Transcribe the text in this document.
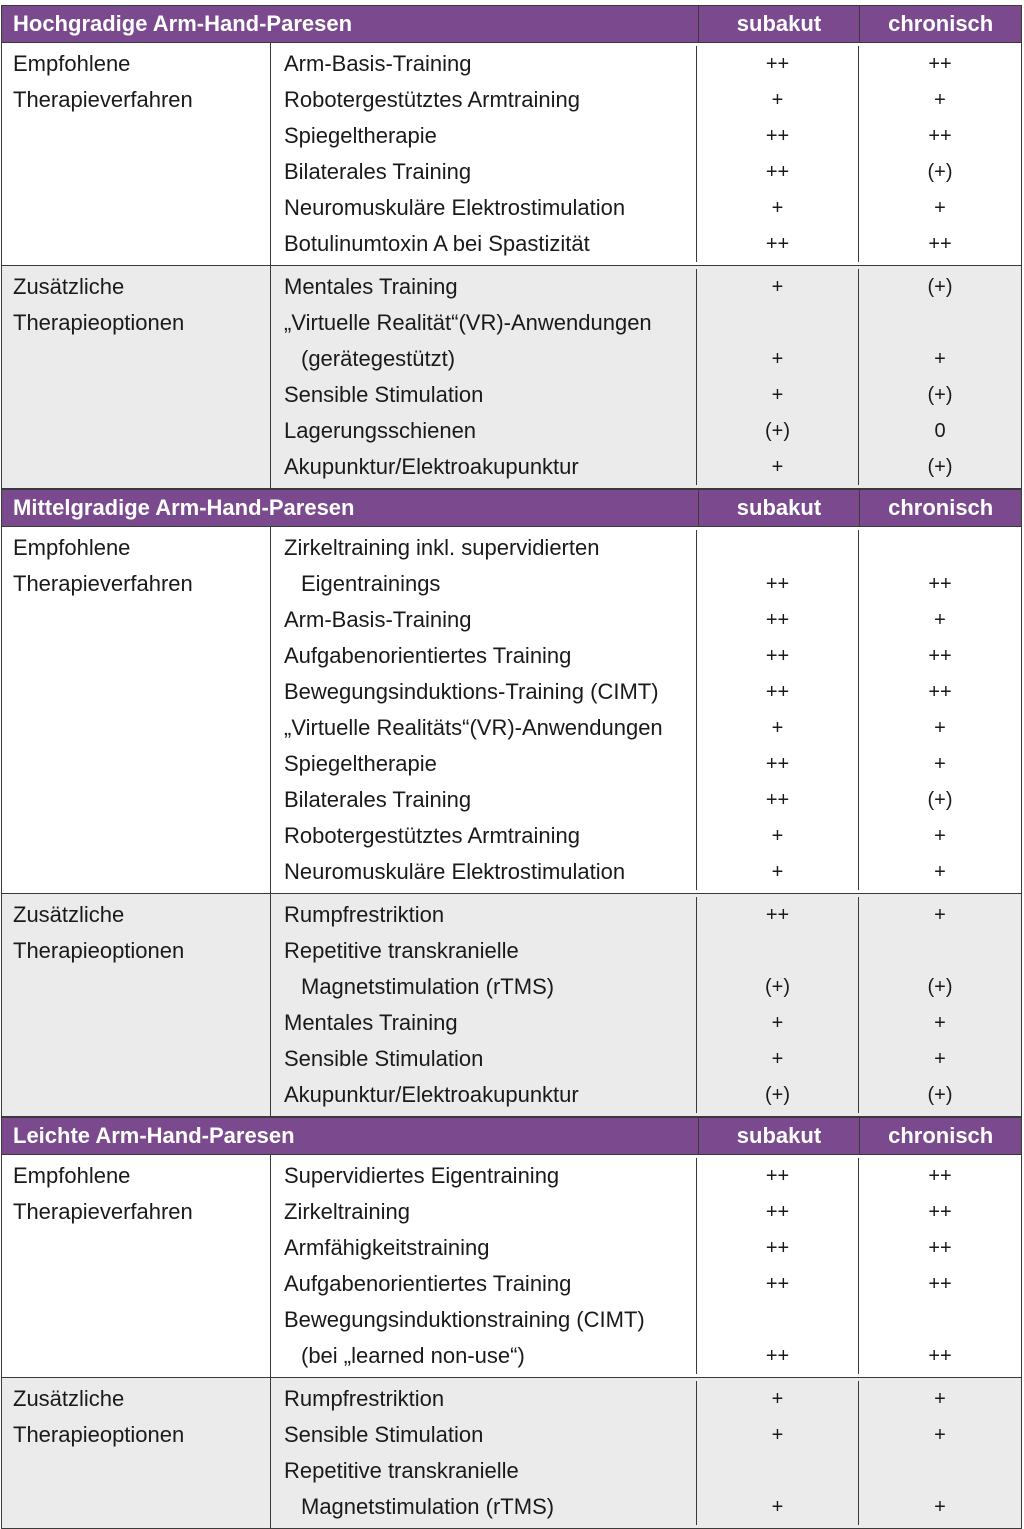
Hochgradige Arm-Hand-Paresen	subakut	chronisch
Empfohlene
Therapieverfahren
Arm-Basis-Training	++	++
Robotergestütztes Armtraining	+	+
Spiegeltherapie	++	++
Bilaterales Training	++	(+)
Neuromuskuläre Elektrostimulation	+	+
Botulinumtoxin A bei Spastizität	++	++
Zusätzliche
Therapieoptionen
Mentales Training	+	(+)
„Virtuelle Realität“(VR)-Anwendungen
(gerätegestützt)	+	+
Sensible Stimulation	+	(+)
Lagerungsschienen	(+)	0
Akupunktur/Elektroakupunktur	+	(+)
Mittelgradige Arm-Hand-Paresen	subakut	chronisch
Empfohlene
Therapieverfahren
Zirkeltraining inkl. supervidierten
Eigentrainings	++	++
Arm-Basis-Training	++	+
Aufgabenorientiertes Training	++	++
Bewegungsinduktions-Training (CIMT)	++	++
„Virtuelle Realitäts“(VR)-Anwendungen	+	+
Spiegeltherapie	++	+
Bilaterales Training	++	(+)
Robotergestütztes Armtraining	+	+
Neuromuskuläre Elektrostimulation	+	+
Zusätzliche
Therapieoptionen
Rumpfrestriktion	++	+
Repetitive transkranielle
Magnetstimulation (rTMS)	(+)	(+)
Mentales Training	+	+
Sensible Stimulation	+	+
Akupunktur/Elektroakupunktur	(+)	(+)
Leichte Arm-Hand-Paresen	subakut	chronisch
Empfohlene
Therapieverfahren
Supervidiertes Eigentraining	++	++
Zirkeltraining	++	++
Armfähigkeitstraining	++	++
Aufgabenorientiertes Training	++	++
Bewegungsinduktionstraining (CIMT)
(bei „learned non-use“)	++	++
Zusätzliche
Therapieoptionen
Rumpfrestriktion	+	+
Sensible Stimulation	+	+
Repetitive transkranielle
Magnetstimulation (rTMS)	+	+
